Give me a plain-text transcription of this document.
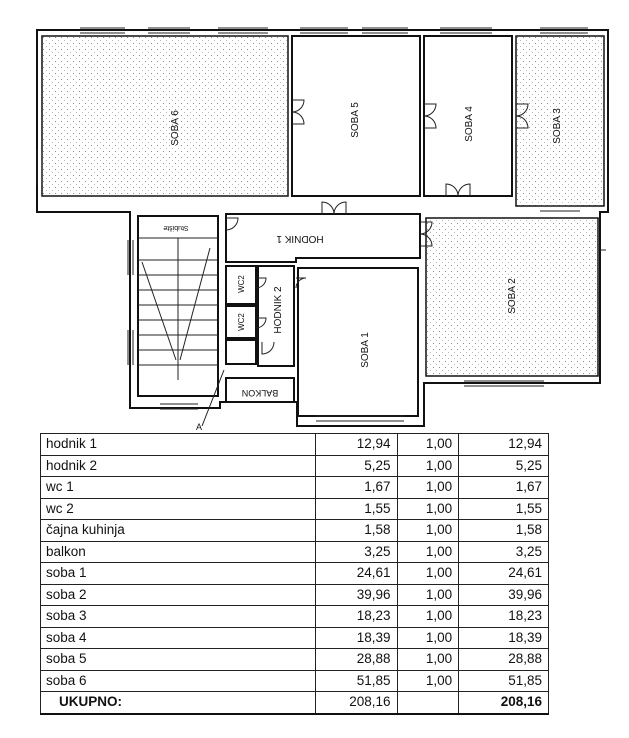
SOBA 6	SOBA 5	SOBA 4	SOBA 3
SOBA 2
SOBA 1
HODNIK 1
HODNIK 2
WC2
WC2
BALKON
Stubište
A
hodnik 1	12,94	1,00	12,94
hodnik 2	5,25	1,00	5,25
wc 1	1,67	1,00	1,67
wc 2	1,55	1,00	1,55
čajna kuhinja	1,58	1,00	1,58
balkon	3,25	1,00	3,25
soba 1	24,61	1,00	24,61
soba 2	39,96	1,00	39,96
soba 3	18,23	1,00	18,23
soba 4	18,39	1,00	18,39
soba 5	28,88	1,00	28,88
soba 6	51,85	1,00	51,85
UKUPNO:	208,16		208,16
